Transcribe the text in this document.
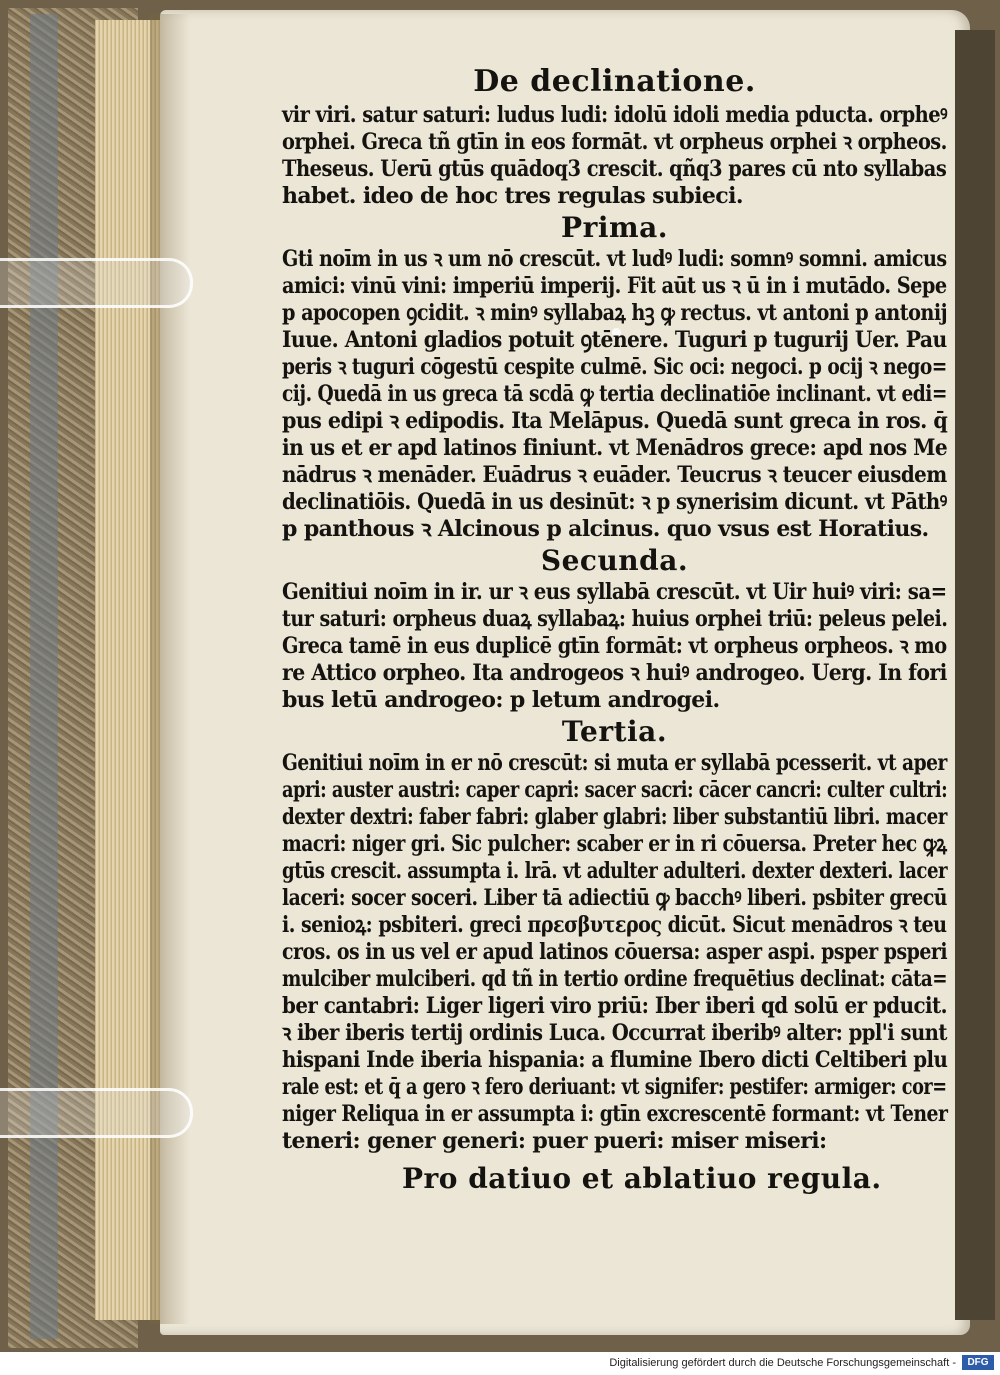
De declinatione.
vir viri. satur saturi: ludus ludi: idolū idoli media pducta. orpheꝰ
orphei. Greca tñ gtīn in eos formāt. vt orpheus orphei ꝛ orpheos.
Theseus. Uerū gtūs quādoq3 crescit. qñq3 pares cū nto syllabas
habet. ideo de hoc tres regulas subieci.
Prima.
Gti noīm in us ꝛ um nō crescūt. vt ludꝰ ludi: somnꝰ somni. amicus
amici: vinū vini: imperiū imperij. Fit aūt us ꝛ ū in i mutādo. Sepe
p apocopen ꝯcidit. ꝛ minꝰ syllabaꝝ hꝫ ꝙ rectus. vt antoni p antonij
Iuue. Antoni gladios potuit ꝯtēnere. Tuguri p tugurij Uer. Pau
peris ꝛ tuguri cōgestū cespite culmē. Sic oci: negoci. p ocij ꝛ nego=
cij. Quedā in us greca tā scdā ꝙ tertia declinatiōe inclinant. vt edi=
pus edipi ꝛ edipodis. Ita Melāpus. Quedā sunt greca in ros. q̄
in us et er apd latinos finiunt. vt Menādros grece: apd nos Me
nādrus ꝛ menāder. Euādrus ꝛ euāder. Teucrus ꝛ teucer eiusdem
declinatiōis. Quedā in us desinūt: ꝛ p synerisim dicunt. vt Pāthꝰ
p panthous ꝛ Alcinous p alcinus. quo vsus est Horatius.
Secunda.
Genitiui noīm in ir. ur ꝛ eus syllabā crescūt. vt Uir huiꝰ viri: sa=
tur saturi: orpheus duaꝝ syllabaꝝ: huius orphei triū: peleus pelei.
Greca tamē in eus duplicē gtīn formāt: vt orpheus orpheos. ꝛ mo
re Attico orpheo. Ita androgeos ꝛ huiꝰ androgeo. Uerg. In fori
bus letū androgeo: p letum androgei.
Tertia.
Genitiui noīm in er nō crescūt: si muta er syllabā pcesserit. vt aper
apri: auster austri: caper capri: sacer sacri: cācer cancri: culter cultri:
dexter dextri: faber fabri: glaber glabri: liber substantiū libri. macer
macri: niger gri. Sic pulcher: scaber er in ri cōuersa. Preter hec ꝙꝝ
gtūs crescit. assumpta i. lrā. vt adulter adulteri. dexter dexteri. lacer
laceri: socer soceri. Liber tā adiectiū ꝙ bacchꝰ liberi. psbiter grecū
i. senioꝝ: psbiteri. greci πρεσβυτερος dicūt. Sicut menādros ꝛ teu
cros. os in us vel er apud latinos cōuersa: asper aspi. psper psperi
mulciber mulciberi. qd tñ in tertio ordine frequētius declinat: cāta=
ber cantabri: Liger ligeri viro priū: Iber iberi qd solū er pducit.
ꝛ iber iberis tertij ordinis Luca. Occurrat iberibꝰ alter: ppl'i sunt
hispani Inde iberia hispania: a flumine Ibero dicti Celtiberi plu
rale est: et q̄ a gero ꝛ fero deriuant: vt signifer: pestifer: armiger: cor=
niger Reliqua in er assumpta i: gtīn excrescentē formant: vt Tener
teneri: gener generi: puer pueri: miser miseri:
Pro datiuo et ablatiuo regula.
Digitalisierung gefördert durch die Deutsche Forschungsgemeinschaft -	DFG
